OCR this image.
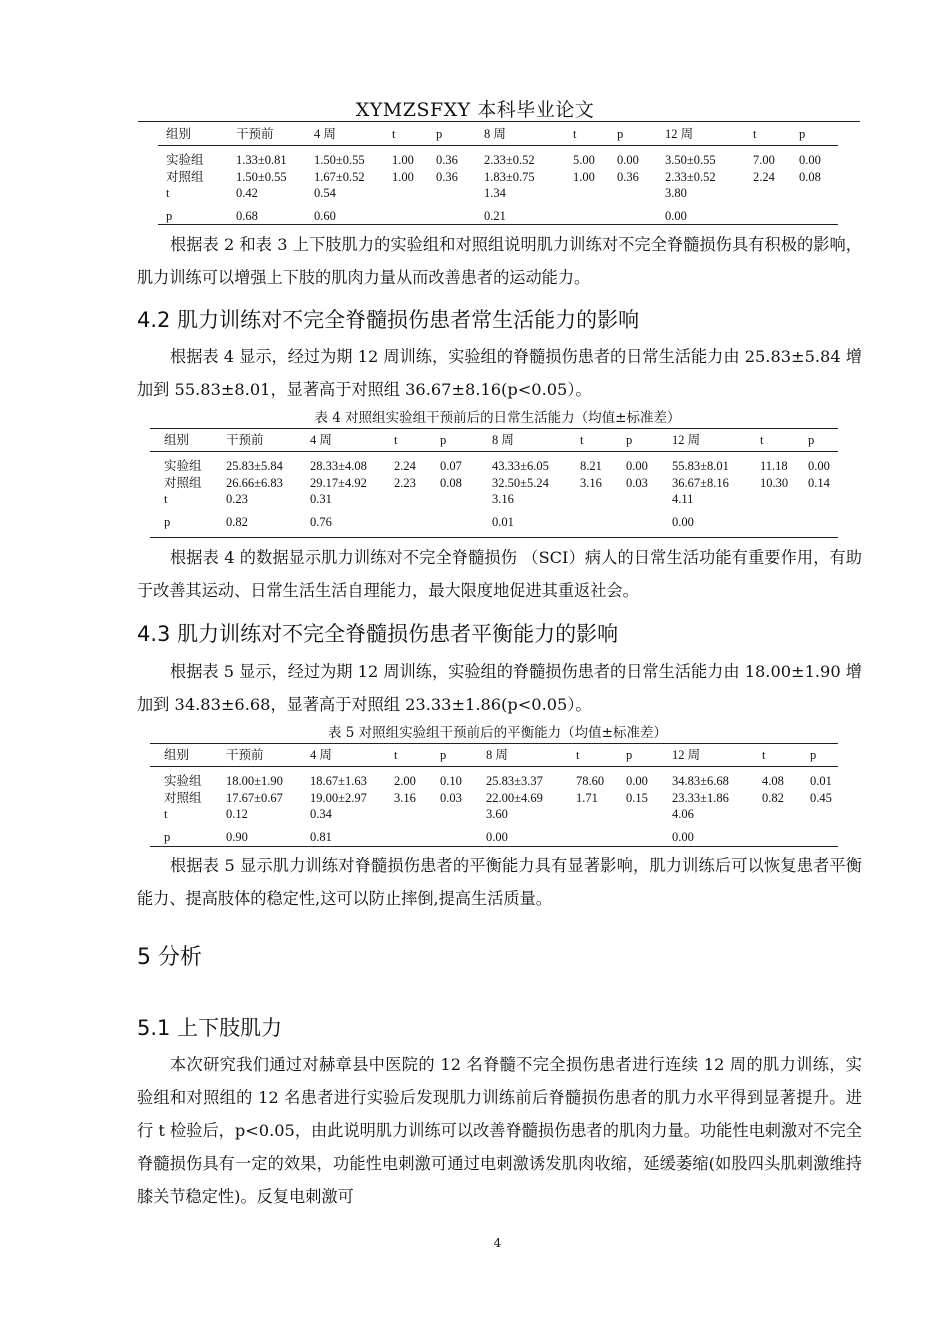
XYMZSFXY 本科毕业论文
组别	干预前	4 周	t	p	8 周	t	p	12 周	t	p

实验组	1.33±0.81	1.50±0.55	1.00	0.36	2.33±0.52	5.00	0.00	3.50±0.55	7.00	0.00
对照组	1.50±0.55	1.67±0.52	1.00	0.36	1.83±0.75	1.00	0.36	2.33±0.52	2.24	0.08
t	0.42	0.54			1.34			3.80		

p	0.68	0.60			0.21			0.00		
根据表 2 和表 3 上下肢肌力的实验组和对照组说明肌力训练对不完全脊髓损伤具有积极的影响，肌力训练可以增强上下肢的肌肉力量从而改善患者的运动能力。
4.2 肌力训练对不完全脊髓损伤患者常生活能力的影响
根据表 4 显示，经过为期 12 周训练，实验组的脊髓损伤患者的日常生活能力由 25.83±5.84 增加到 55.83±8.01，显著高于对照组 36.67±8.16(p<0.05）。
表 4 对照组实验组干预前后的日常生活能力（均值±标准差）
组别	干预前	4 周	t	p	8 周	t	p	12 周	t	p

实验组	25.83±5.84	28.33±4.08	2.24	0.07	43.33±6.05	8.21	0.00	55.83±8.01	11.18	0.00
对照组	26.66±6.83	29.17±4.92	2.23	0.08	32.50±5.24	3.16	0.03	36.67±8.16	10.30	0.14
t	0.23	0.31			3.16			4.11		

p	0.82	0.76			0.01			0.00		
根据表 4 的数据显示肌力训练对不完全脊髓损伤 （SCI）病人的日常生活功能有重要作用，有助于改善其运动、日常生活生活自理能力，最大限度地促进其重返社会。
4.3 肌力训练对不完全脊髓损伤患者平衡能力的影响
根据表 5 显示，经过为期 12 周训练，实验组的脊髓损伤患者的日常生活能力由 18.00±1.90 增加到 34.83±6.68，显著高于对照组 23.33±1.86(p<0.05）。
表 5 对照组实验组干预前后的平衡能力（均值±标准差）
组别	干预前	4 周	t	p	8 周	t	p	12 周	t	p

实验组	18.00±1.90	18.67±1.63	2.00	0.10	25.83±3.37	78.60	0.00	34.83±6.68	4.08	0.01
对照组	17.67±0.67	19.00±2.97	3.16	0.03	22.00±4.69	1.71	0.15	23.33±1.86	0.82	0.45
t	0.12	0.34			3.60			4.06		

p	0.90	0.81			0.00			0.00		
根据表 5 显示肌力训练对脊髓损伤患者的平衡能力具有显著影响，肌力训练后可以恢复患者平衡能力、提高肢体的稳定性,这可以防止摔倒,提高生活质量。
5 分析
5.1 上下肢肌力
本次研究我们通过对赫章县中医院的 12 名脊髓不完全损伤患者进行连续 12 周的肌力训练，实验组和对照组的 12 名患者进行实验后发现肌力训练前后脊髓损伤患者的肌力水平得到显著提升。进行 t 检验后，p<0.05，由此说明肌力训练可以改善脊髓损伤患者的肌肉力量。功能性电刺激对不完全脊髓损伤具有一定的效果，功能性电刺激可通过电刺激诱发肌肉收缩，延缓萎缩(如股四头肌刺激维持膝关节稳定性)。反复电刺激可
4
